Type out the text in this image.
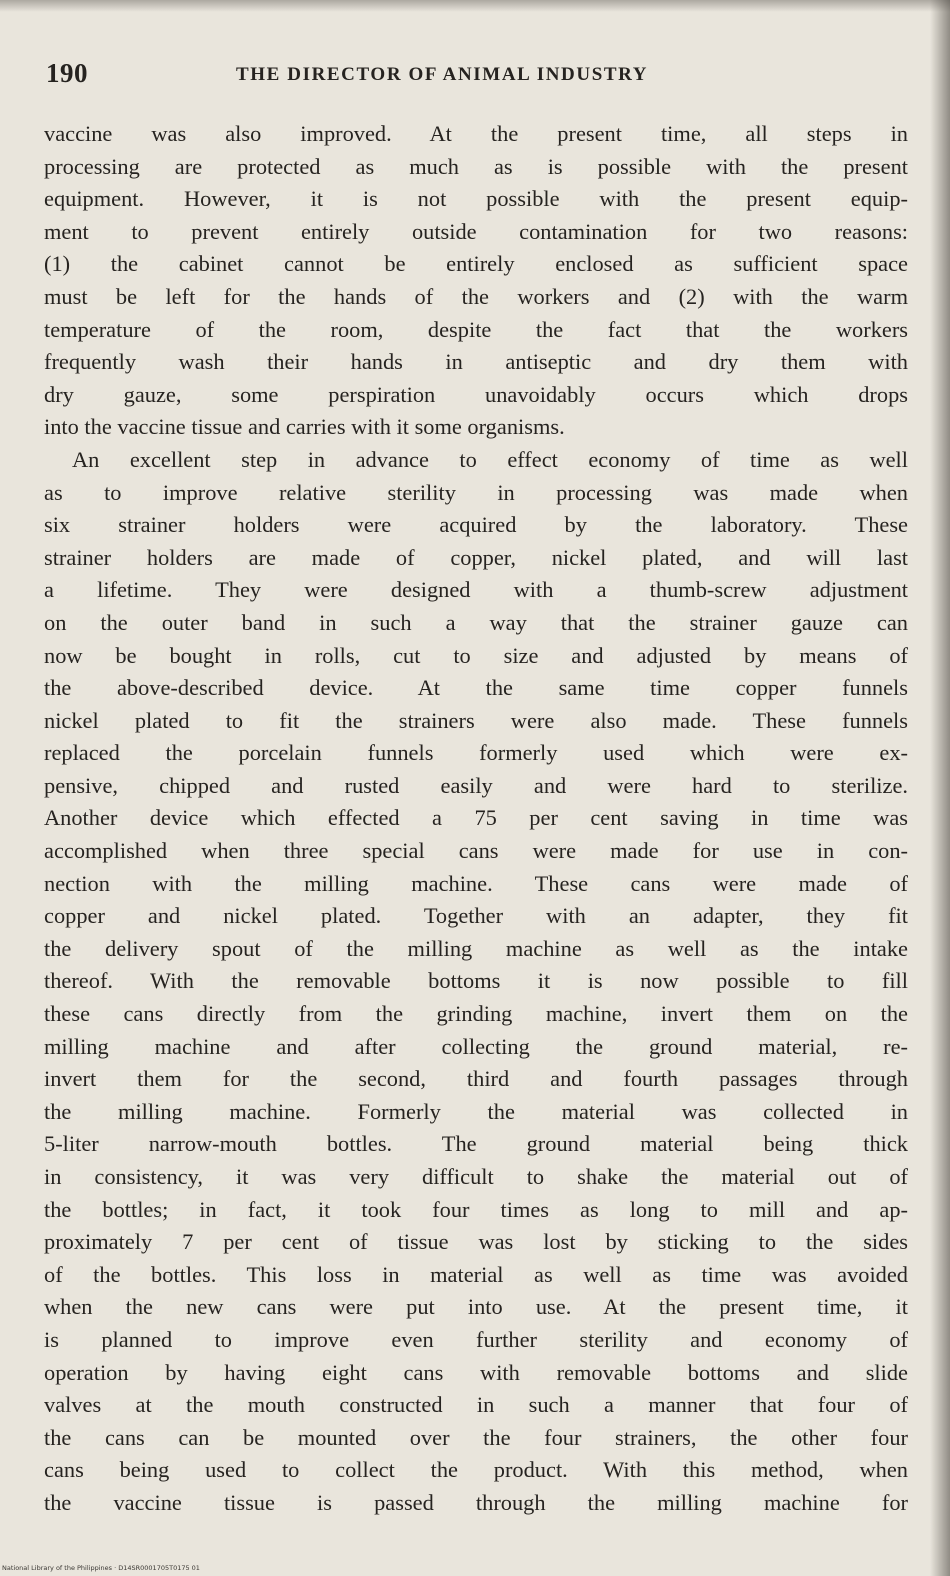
190	THE DIRECTOR OF ANIMAL INDUSTRY
vaccine was also improved. At the present time, all steps in
processing are protected as much as is possible with the present
equipment. However, it is not possible with the present equip-
ment to prevent entirely outside contamination for two reasons:
(1) the cabinet cannot be entirely enclosed as sufficient space
must be left for the hands of the workers and (2) with the warm
temperature of the room, despite the fact that the workers
frequently wash their hands in antiseptic and dry them with
dry gauze, some perspiration unavoidably occurs which drops
into the vaccine tissue and carries with it some organisms.
An excellent step in advance to effect economy of time as well
as to improve relative sterility in processing was made when
six strainer holders were acquired by the laboratory. These
strainer holders are made of copper, nickel plated, and will last
a lifetime. They were designed with a thumb-screw adjustment
on the outer band in such a way that the strainer gauze can
now be bought in rolls, cut to size and adjusted by means of
the above-described device. At the same time copper funnels
nickel plated to fit the strainers were also made. These funnels
replaced the porcelain funnels formerly used which were ex-
pensive, chipped and rusted easily and were hard to sterilize.
Another device which effected a 75 per cent saving in time was
accomplished when three special cans were made for use in con-
nection with the milling machine. These cans were made of
copper and nickel plated. Together with an adapter, they fit
the delivery spout of the milling machine as well as the intake
thereof. With the removable bottoms it is now possible to fill
these cans directly from the grinding machine, invert them on the
milling machine and after collecting the ground material, re-
invert them for the second, third and fourth passages through
the milling machine. Formerly the material was collected in
5-liter narrow-mouth bottles. The ground material being thick
in consistency, it was very difficult to shake the material out of
the bottles; in fact, it took four times as long to mill and ap-
proximately 7 per cent of tissue was lost by sticking to the sides
of the bottles. This loss in material as well as time was avoided
when the new cans were put into use. At the present time, it
is planned to improve even further sterility and economy of
operation by having eight cans with removable bottoms and slide
valves at the mouth constructed in such a manner that four of
the cans can be mounted over the four strainers, the other four
cans being used to collect the product. With this method, when
the vaccine tissue is passed through the milling machine for
National Library of the Philippines · D14SR0001705T0175 01
